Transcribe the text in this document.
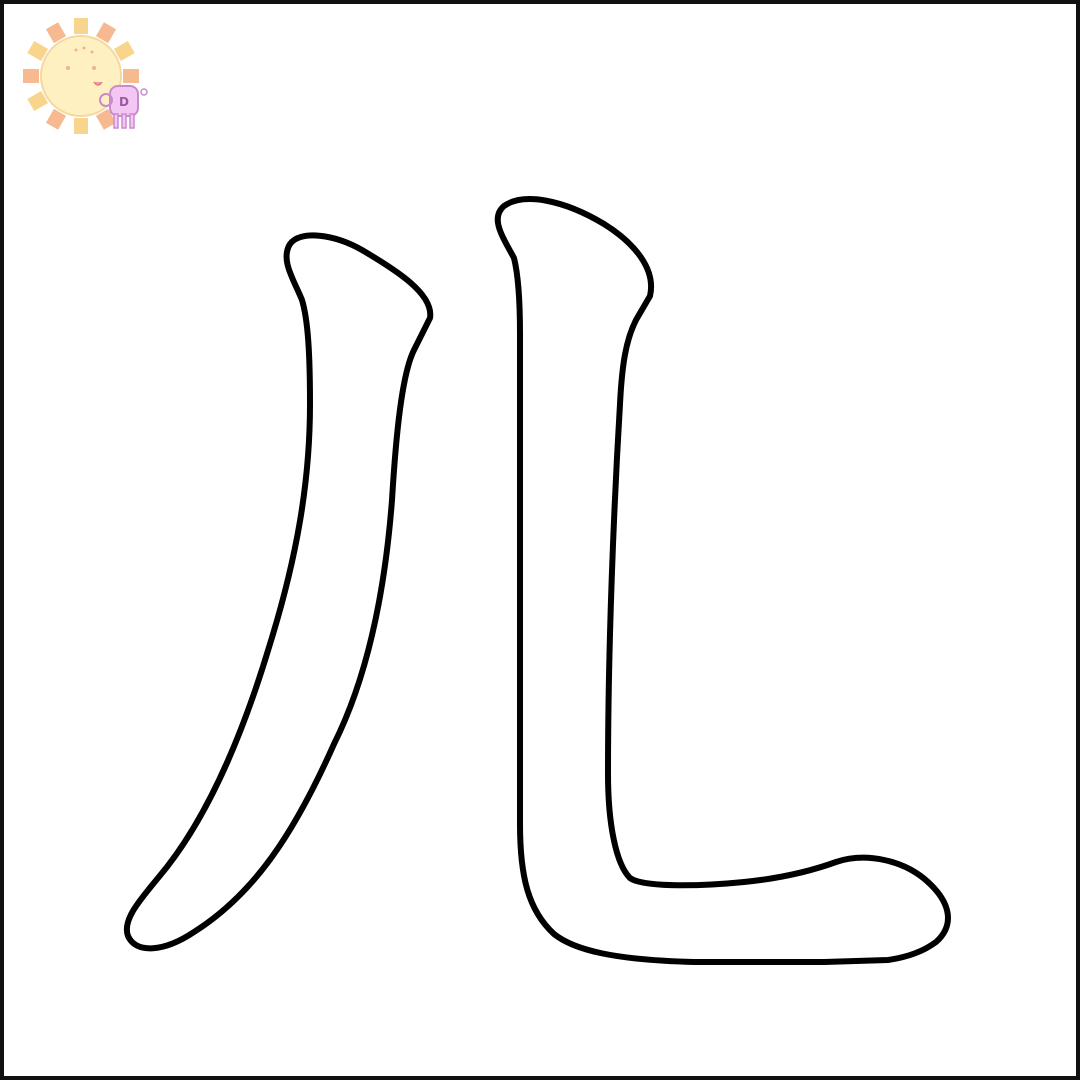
D
